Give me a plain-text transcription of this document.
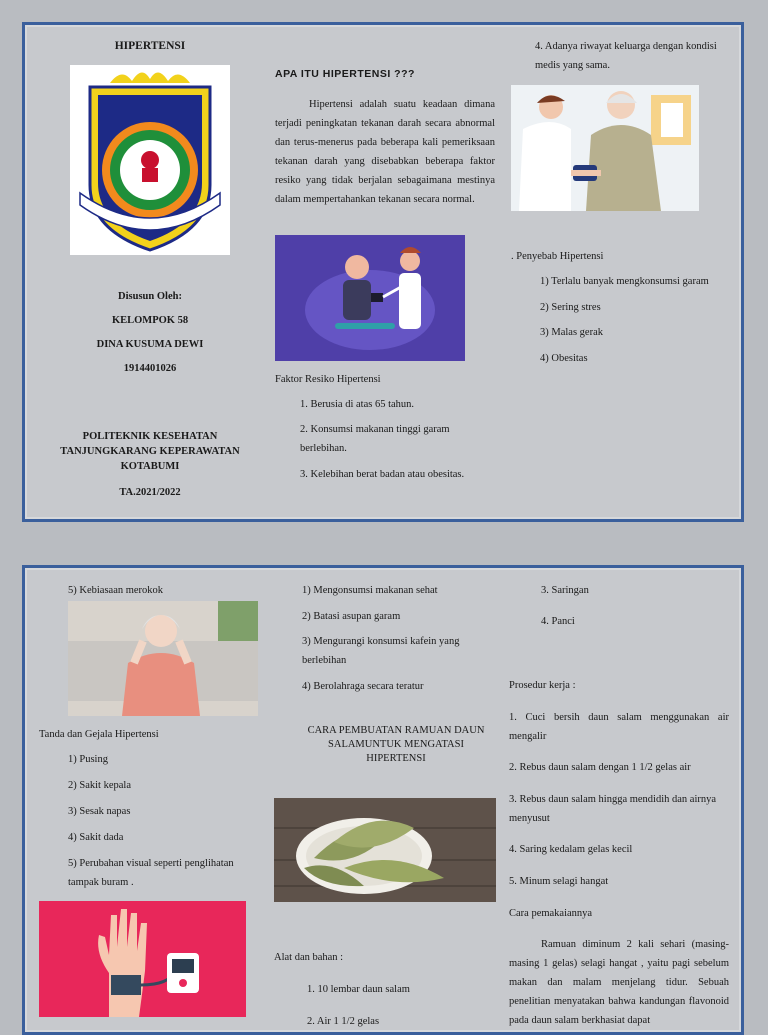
HIPERTENSI
Disusun Oleh:
KELOMPOK 58
DINA KUSUMA DEWI
1914401026
POLITEKNIK KESEHATAN
TANJUNGKARANG KEPERAWATAN
KOTABUMI
TA.2021/2022
APA ITU HIPERTENSI ???
Hipertensi adalah suatu keadaan dimana terjadi peningkatan tekanan darah secara abnormal dan terus-menerus pada beberapa kali pemeriksaan tekanan darah yang disebabkan beberapa faktor resiko yang tidak berjalan sebagaimana mestinya dalam mempertahankan tekanan secara normal.
Faktor Resiko Hipertensi
1. Berusia di atas 65 tahun.
2. Konsumsi makanan tinggi garam berlebihan.
3. Kelebihan berat badan atau obesitas.
4. Adanya riwayat keluarga dengan kondisi medis yang sama.
. Penyebab Hipertensi
1) Terlalu banyak mengkonsumsi garam
2) Sering stres
3) Malas gerak
4) Obesitas
5) Kebiasaan merokok
Tanda dan Gejala Hipertensi
1) Pusing
2) Sakit kepala
3) Sesak napas
4) Sakit dada
5) Perubahan visual seperti penglihatan tampak buram .
1) Mengonsumsi makanan sehat
2) Batasi asupan garam
3) Mengurangi konsumsi kafein yang berlebihan
4) Berolahraga secara teratur
CARA PEMBUATAN RAMUAN DAUN SALAMUNTUK MENGATASI HIPERTENSI
Alat dan bahan :
1. 10 lembar daun salam
2. Air 1 1/2 gelas
3. Saringan
4. Panci
Prosedur kerja :
1. Cuci bersih daun salam menggunakan air mengalir
2. Rebus daun salam dengan 1 1/2 gelas air
3. Rebus daun salam hingga mendidih dan airnya menyusut
4. Saring kedalam gelas kecil
5. Minum selagi hangat
Cara pemakaiannya
Ramuan diminum 2 kali sehari (masing-masing 1 gelas) selagi hangat , yaitu pagi sebelum makan dan malam menjelang tidur. Sebuah penelitian menyatakan bahwa kandungan flavonoid pada daun salam berkhasiat dapat
